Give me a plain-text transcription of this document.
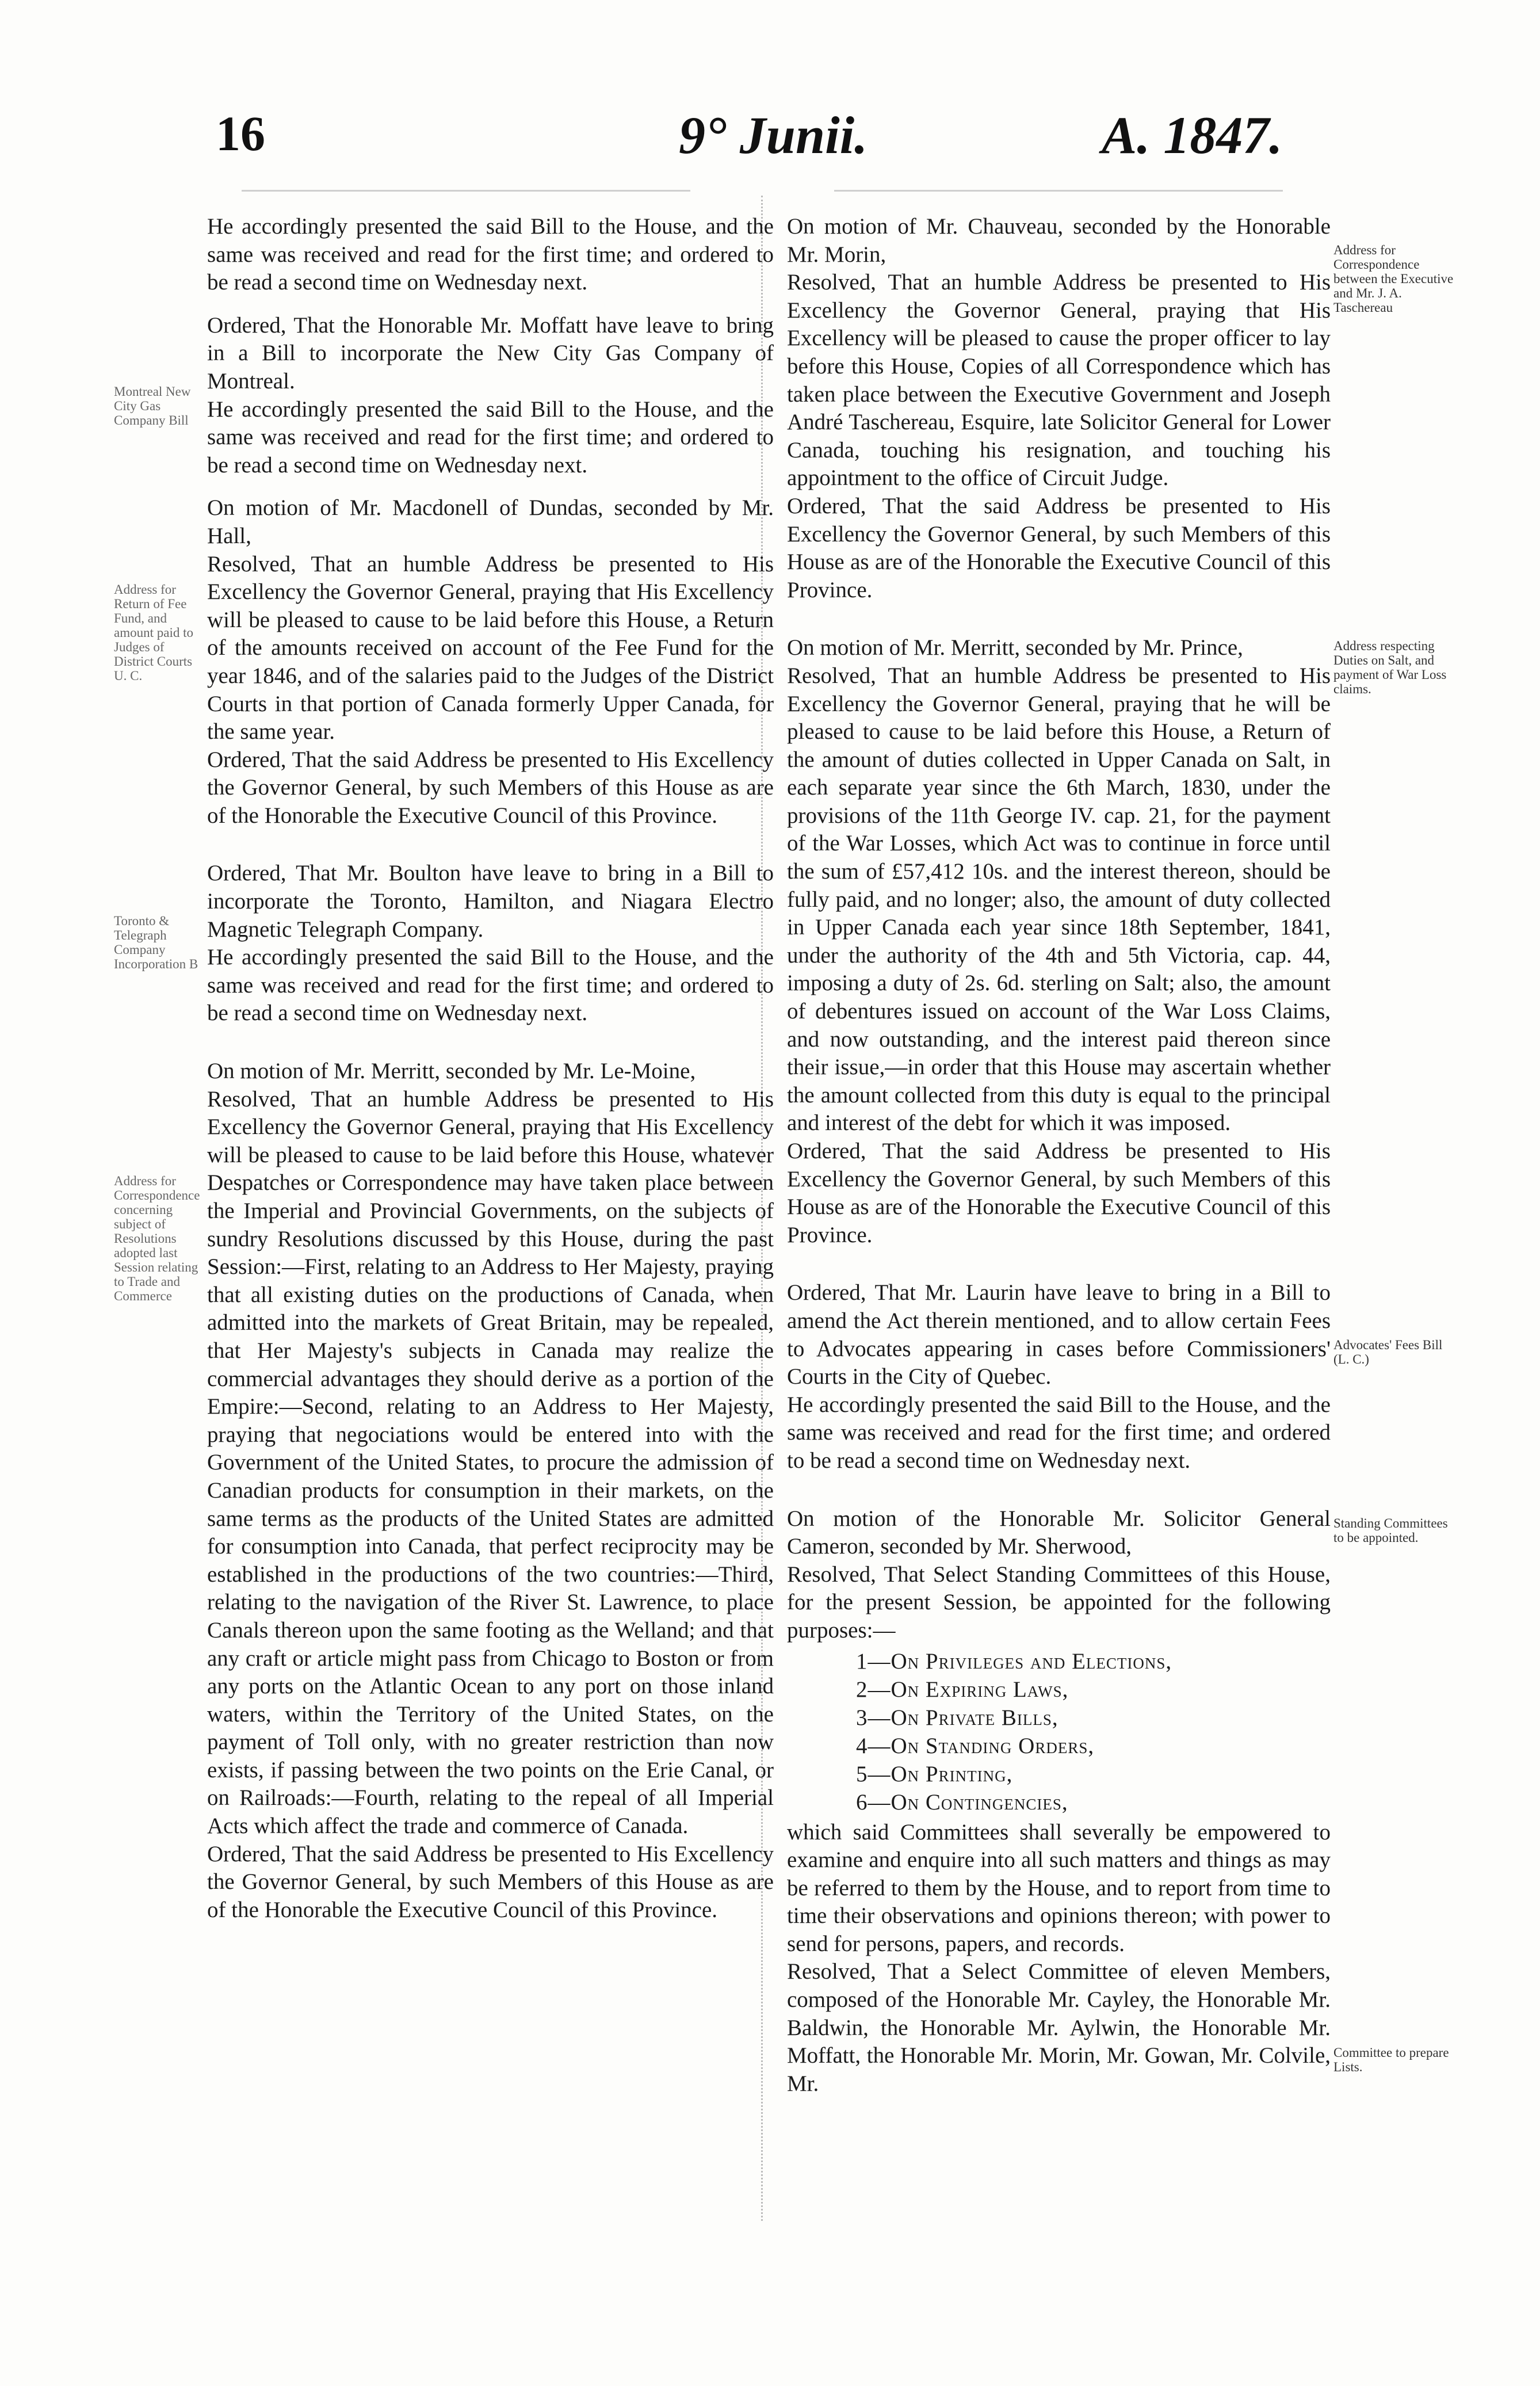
16	9° Junii.	A. 1847.

He accordingly presented the said Bill to the House, and the same was received and read for the first time; and ordered to be read a second time on Wednesday next.

Ordered, That the Honorable Mr. Moffatt have leave to bring in a Bill to incorporate the New City Gas Company of Montreal.

He accordingly presented the said Bill to the House, and the same was received and read for the first time; and ordered to be read a second time on Wednesday next.

On motion of Mr. Macdonell of Dundas, seconded by Mr. Hall,

Resolved, That an humble Address be presented to His Excellency the Governor General, praying that His Excellency will be pleased to cause to be laid before this House, a Return of the amounts received on account of the Fee Fund for the year 1846, and of the salaries paid to the Judges of the District Courts in that portion of Canada formerly Upper Canada, for the same year.

Ordered, That the said Address be presented to His Excellency the Governor General, by such Members of this House as are of the Honorable the Executive Council of this Province.

Ordered, That Mr. Boulton have leave to bring in a Bill to incorporate the Toronto, Hamilton, and Niagara Electro Magnetic Telegraph Company.

He accordingly presented the said Bill to the House, and the same was received and read for the first time; and ordered to be read a second time on Wednesday next.

On motion of Mr. Merritt, seconded by Mr. Le-Moine,

Resolved, That an humble Address be presented to His Excellency the Governor General, praying that His Excellency will be pleased to cause to be laid before this House, whatever Despatches or Correspondence may have taken place between the Imperial and Provincial Governments, on the subjects of sundry Resolutions discussed by this House, during the past Session:—First, relating to an Address to Her Majesty, praying that all existing duties on the productions of Canada, when admitted into the markets of Great Britain, may be repealed, that Her Majesty's subjects in Canada may realize the commercial advantages they should derive as a portion of the Empire:—Second, relating to an Address to Her Majesty, praying that negociations would be entered into with the Government of the United States, to procure the admission of Canadian products for consumption in their markets, on the same terms as the products of the United States are admitted for consumption into Canada, that perfect reciprocity may be established in the productions of the two countries:—Third, relating to the navigation of the River St. Lawrence, to place Canals thereon upon the same footing as the Welland; and that any craft or article might pass from Chicago to Boston or from any ports on the Atlantic Ocean to any port on those inland waters, within the Territory of the United States, on the payment of Toll only, with no greater restriction than now exists, if passing between the two points on the Erie Canal, or on Railroads:—Fourth, relating to the repeal of all Imperial Acts which affect the trade and commerce of Canada.

Ordered, That the said Address be presented to His Excellency the Governor General, by such Members of this House as are of the Honorable the Executive Council of this Province.

On motion of Mr. Chauveau, seconded by the Honorable Mr. Morin,

Resolved, That an humble Address be presented to His Excellency the Governor General, praying that His Excellency will be pleased to cause the proper officer to lay before this House, Copies of all Correspondence which has taken place between the Executive Government and Joseph André Taschereau, Esquire, late Solicitor General for Lower Canada, touching his resignation, and touching his appointment to the office of Circuit Judge.

Ordered, That the said Address be presented to His Excellency the Governor General, by such Members of this House as are of the Honorable the Executive Council of this Province.

On motion of Mr. Merritt, seconded by Mr. Prince,

Resolved, That an humble Address be presented to His Excellency the Governor General, praying that he will be pleased to cause to be laid before this House, a Return of the amount of duties collected in Upper Canada on Salt, in each separate year since the 6th March, 1830, under the provisions of the 11th George IV. cap. 21, for the payment of the War Losses, which Act was to continue in force until the sum of £57,412 10s. and the interest thereon, should be fully paid, and no longer; also, the amount of duty collected in Upper Canada each year since 18th September, 1841, under the authority of the 4th and 5th Victoria, cap. 44, imposing a duty of 2s. 6d. sterling on Salt; also, the amount of debentures issued on account of the War Loss Claims, and now outstanding, and the interest paid thereon since their issue,—in order that this House may ascertain whether the amount collected from this duty is equal to the principal and interest of the debt for which it was imposed.

Ordered, That the said Address be presented to His Excellency the Governor General, by such Members of this House as are of the Honorable the Executive Council of this Province.

Ordered, That Mr. Laurin have leave to bring in a Bill to amend the Act therein mentioned, and to allow certain Fees to Advocates appearing in cases before Commissioners' Courts in the City of Quebec.

He accordingly presented the said Bill to the House, and the same was received and read for the first time; and ordered to be read a second time on Wednesday next.

On motion of the Honorable Mr. Solicitor General Cameron, seconded by Mr. Sherwood,

Resolved, That Select Standing Committees of this House, for the present Session, be appointed for the following purposes:—

1—On Privileges and Elections,
2—On Expiring Laws,
3—On Private Bills,
4—On Standing Orders,
5—On Printing,
6—On Contingencies,

which said Committees shall severally be empowered to examine and enquire into all such matters and things as may be referred to them by the House, and to report from time to time their observations and opinions thereon; with power to send for persons, papers, and records.

Resolved, That a Select Committee of eleven Members, composed of the Honorable Mr. Cayley, the Honorable Mr. Baldwin, the Honorable Mr. Aylwin, the Honorable Mr. Moffatt, the Honorable Mr. Morin, Mr. Gowan, Mr. Colvile, Mr.

Montreal New City Gas Company Bill
Address for Return of Fee Fund, and amount paid to Judges of District Courts U. C.
Toronto & Telegraph Company Incorporation B
Address for Correspondence concerning subject of Resolutions adopted last Session relating to Trade and Commerce
Address for Correspondence between the Executive and Mr. J. A. Taschereau
Address respecting Duties on Salt, and payment of War Loss claims.
Advocates' Fees Bill (L. C.)
Standing Committees to be appointed.
Committee to prepare Lists.
